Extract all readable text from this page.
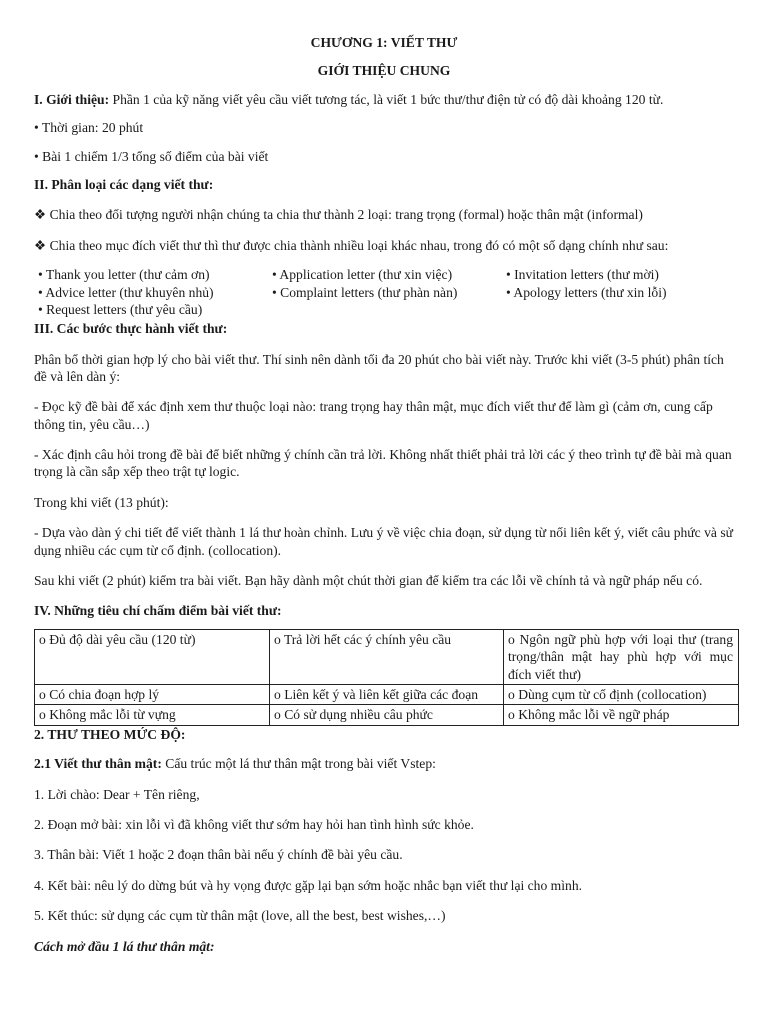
CHƯƠNG 1: VIẾT THƯ

GIỚI THIỆU CHUNG

I. Giới thiệu: Phần 1 của kỹ năng viết yêu cầu viết tương tác, là viết 1 bức thư/thư điện tử có độ dài khoảng 120 từ.

• Thời gian: 20 phút

• Bài 1 chiếm 1/3 tổng số điểm của bài viết

II. Phân loại các dạng viết thư:

❖ Chia theo đối tượng người nhận chúng ta chia thư thành 2 loại: trang trọng (formal) hoặc thân mật (informal)

❖ Chia theo mục đích viết thư thì thư được chia thành nhiều loại khác nhau, trong đó có một số dạng chính như sau:

• Thank you letter (thư cảm ơn)	• Application letter (thư xin việc)	• Invitation letters (thư mời)
• Advice letter (thư khuyên nhủ)	• Complaint letters (thư phàn nàn)	• Apology letters (thư xin lỗi)
• Request letters (thư yêu cầu)

III. Các bước thực hành viết thư:

Phân bổ thời gian hợp lý cho bài viết thư. Thí sinh nên dành tối đa 20 phút cho bài viết này. Trước khi viết (3-5 phút) phân tích đề và lên dàn ý:

- Đọc kỹ đề bài để xác định xem thư thuộc loại nào: trang trọng hay thân mật, mục đích viết thư để làm gì (cảm ơn, cung cấp thông tin, yêu cầu…)

- Xác định câu hỏi trong đề bài để biết những ý chính cần trả lời. Không nhất thiết phải trả lời các ý theo trình tự đề bài mà quan trọng là cần sắp xếp theo trật tự logic.

Trong khi viết (13 phút):

- Dựa vào dàn ý chi tiết để viết thành 1 lá thư hoàn chỉnh. Lưu ý về việc chia đoạn, sử dụng từ nối liên kết ý, viết câu phức và sử dụng nhiều các cụm từ cố định. (collocation).

Sau khi viết (2 phút) kiểm tra bài viết. Bạn hãy dành một chút thời gian để kiểm tra các lỗi về chính tả và ngữ pháp nếu có.

IV. Những tiêu chí chấm điểm bài viết thư:

o Đủ độ dài yêu cầu (120 từ)	o Trả lời hết các ý chính yêu cầu	o Ngôn ngữ phù hợp với loại thư (trang trọng/thân mật hay phù hợp với mục đích viết thư)
o Có chia đoạn hợp lý	o Liên kết ý và liên kết giữa các đoạn	o Dùng cụm từ cố định (collocation)
o Không mắc lỗi từ vựng	o Có sử dụng nhiều câu phức	o Không mắc lỗi về ngữ pháp

2. THƯ THEO MỨC ĐỘ:

2.1 Viết thư thân mật: Cấu trúc một lá thư thân mật trong bài viết Vstep:

1. Lời chào: Dear + Tên riêng,

2. Đoạn mở bài: xin lỗi vì đã không viết thư sớm hay hỏi han tình hình sức khỏe.

3. Thân bài: Viết 1 hoặc 2 đoạn thân bài nếu ý chính đề bài yêu cầu.

4. Kết bài: nêu lý do dừng bút và hy vọng được gặp lại bạn sớm hoặc nhắc bạn viết thư lại cho mình.

5. Kết thúc: sử dụng các cụm từ thân mật (love, all the best, best wishes,…)

Cách mở đầu 1 lá thư thân mật:
